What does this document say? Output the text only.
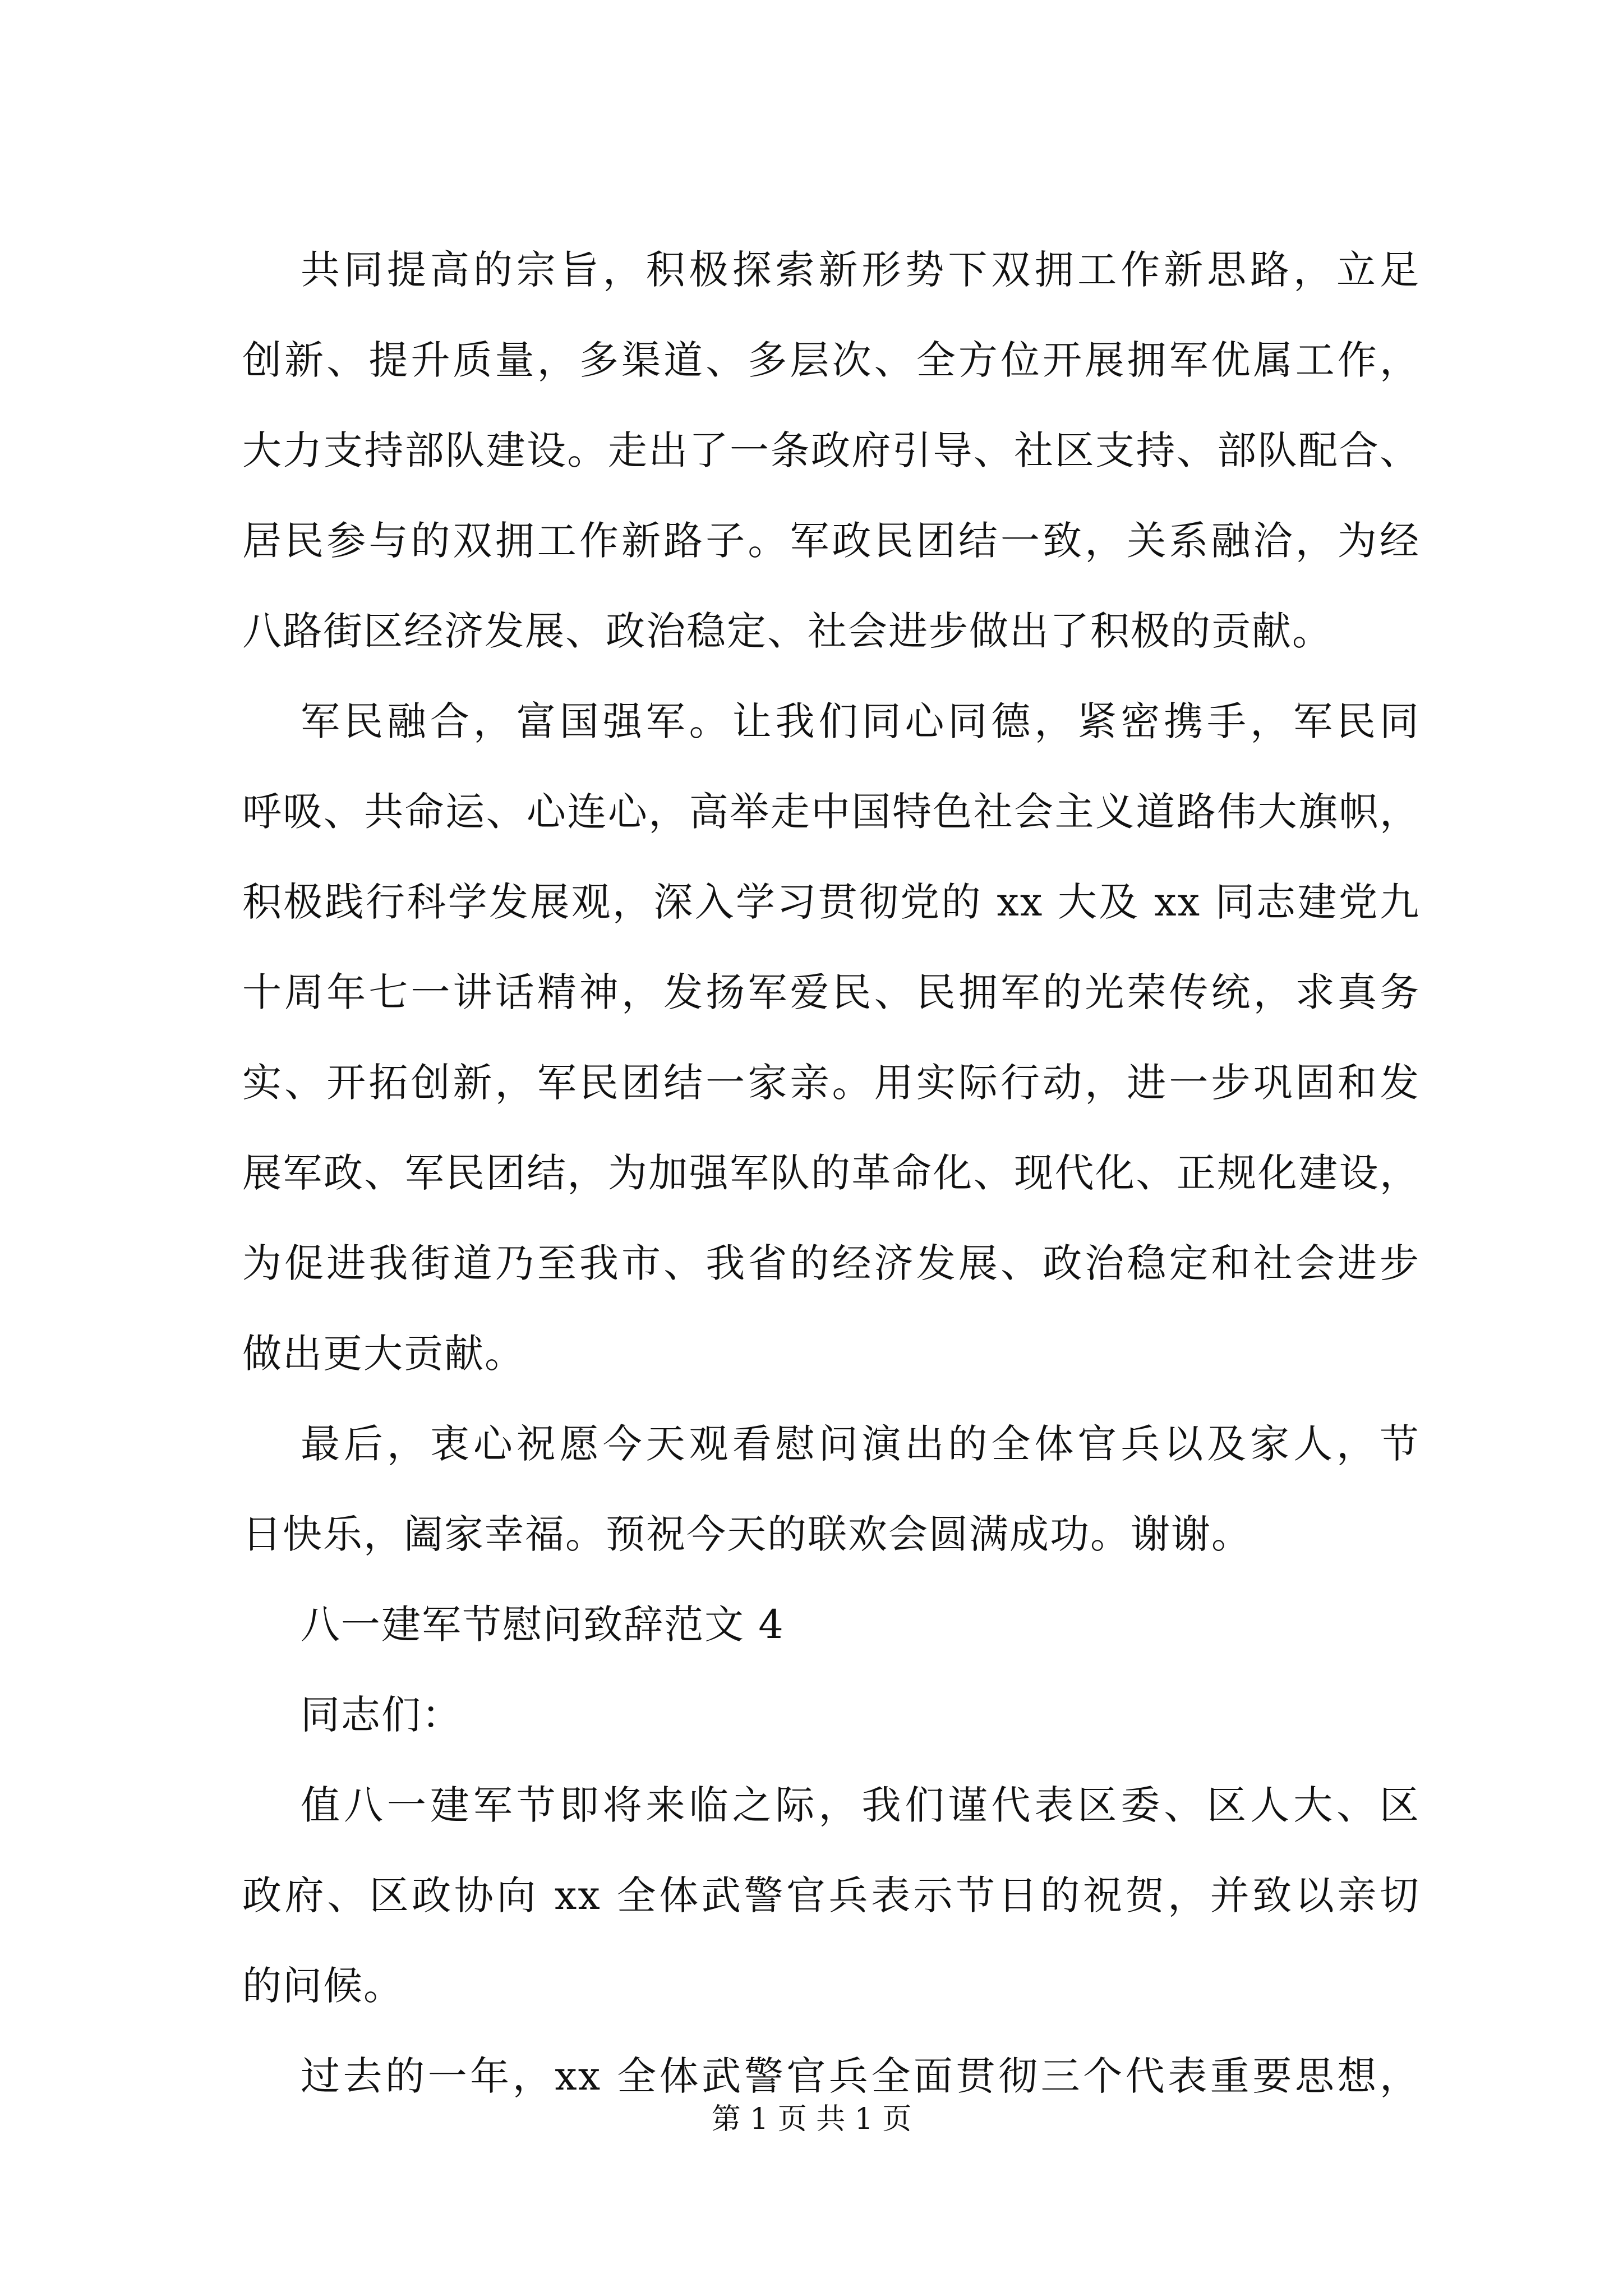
共同提高的宗旨，积极探索新形势下双拥工作新思路，立足
创新、提升质量，多渠道、多层次、全方位开展拥军优属工作，
大力支持部队建设。走出了一条政府引导、社区支持、部队配合、
居民参与的双拥工作新路子。军政民团结一致，关系融洽，为经
八路街区经济发展、政治稳定、社会进步做出了积极的贡献。
军民融合，富国强军。让我们同心同德，紧密携手，军民同
呼吸、共命运、心连心，高举走中国特色社会主义道路伟大旗帜，
积极践行科学发展观，深入学习贯彻党的 xx 大及 xx 同志建党九
十周年七一讲话精神，发扬军爱民、民拥军的光荣传统，求真务
实、开拓创新，军民团结一家亲。用实际行动，进一步巩固和发
展军政、军民团结，为加强军队的革命化、现代化、正规化建设，
为促进我街道乃至我市、我省的经济发展、政治稳定和社会进步
做出更大贡献。
最后，衷心祝愿今天观看慰问演出的全体官兵以及家人，节
日快乐，阖家幸福。预祝今天的联欢会圆满成功。谢谢。
八一建军节慰问致辞范文 4
同志们：
值八一建军节即将来临之际，我们谨代表区委、区人大、区
政府、区政协向 xx 全体武警官兵表示节日的祝贺，并致以亲切
的问候。
过去的一年，xx 全体武警官兵全面贯彻三个代表重要思想，
第 1 页 共 1 页
